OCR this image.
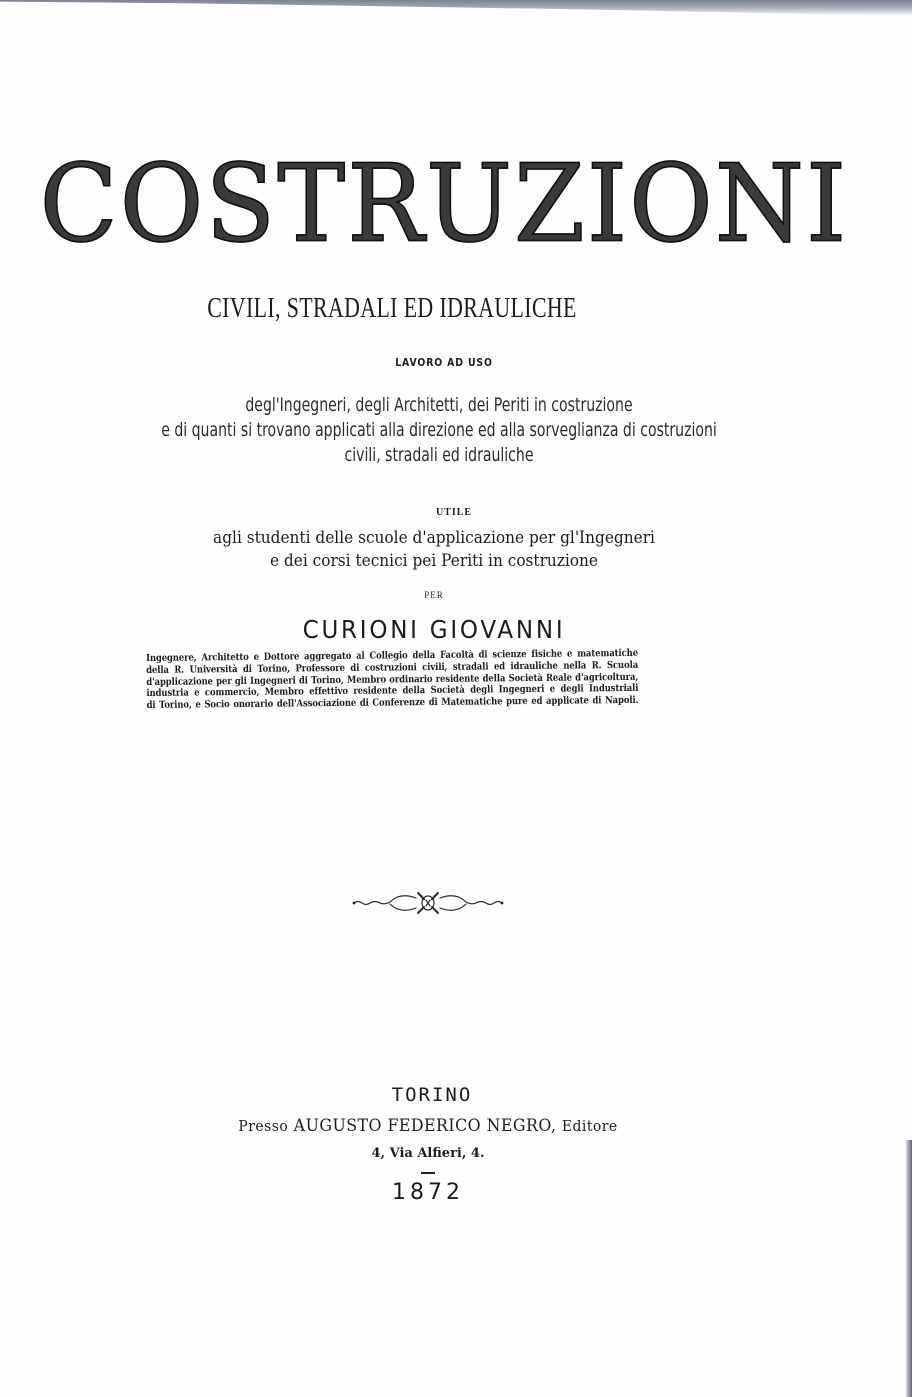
COSTRUZIONI
CIVILI, STRADALI ED IDRAULICHE
LAVORO AD USO
degl'Ingegneri, degli Architetti, dei Periti in costruzione
e di quanti si trovano applicati alla direzione ed alla sorveglianza di costruzioni
civili, stradali ed idrauliche
UTILE
agli studenti delle scuole d'applicazione per gl'Ingegneri
e dei corsi tecnici pei Periti in costruzione
PER
CURIONI GIOVANNI
Ingegnere, Architetto e Dottore aggregato al Collegio della Facoltà di scienze fisiche e matematiche
della R. Università di Torino, Professore di costruzioni civili, stradali ed idrauliche nella R. Scuola
d'applicazione per gli Ingegneri di Torino, Membro ordinario residente della Società Reale d'agricoltura,
industria e commercio, Membro effettivo residente della Società degli Ingegneri e degli Industriali
di Torino, e Socio onorario dell'Associazione di Conferenze di Matematiche pure ed applicate di Napoli.
TORINO
Presso AUGUSTO FEDERICO NEGRO, Editore
4, Via Alfieri, 4.
1872
